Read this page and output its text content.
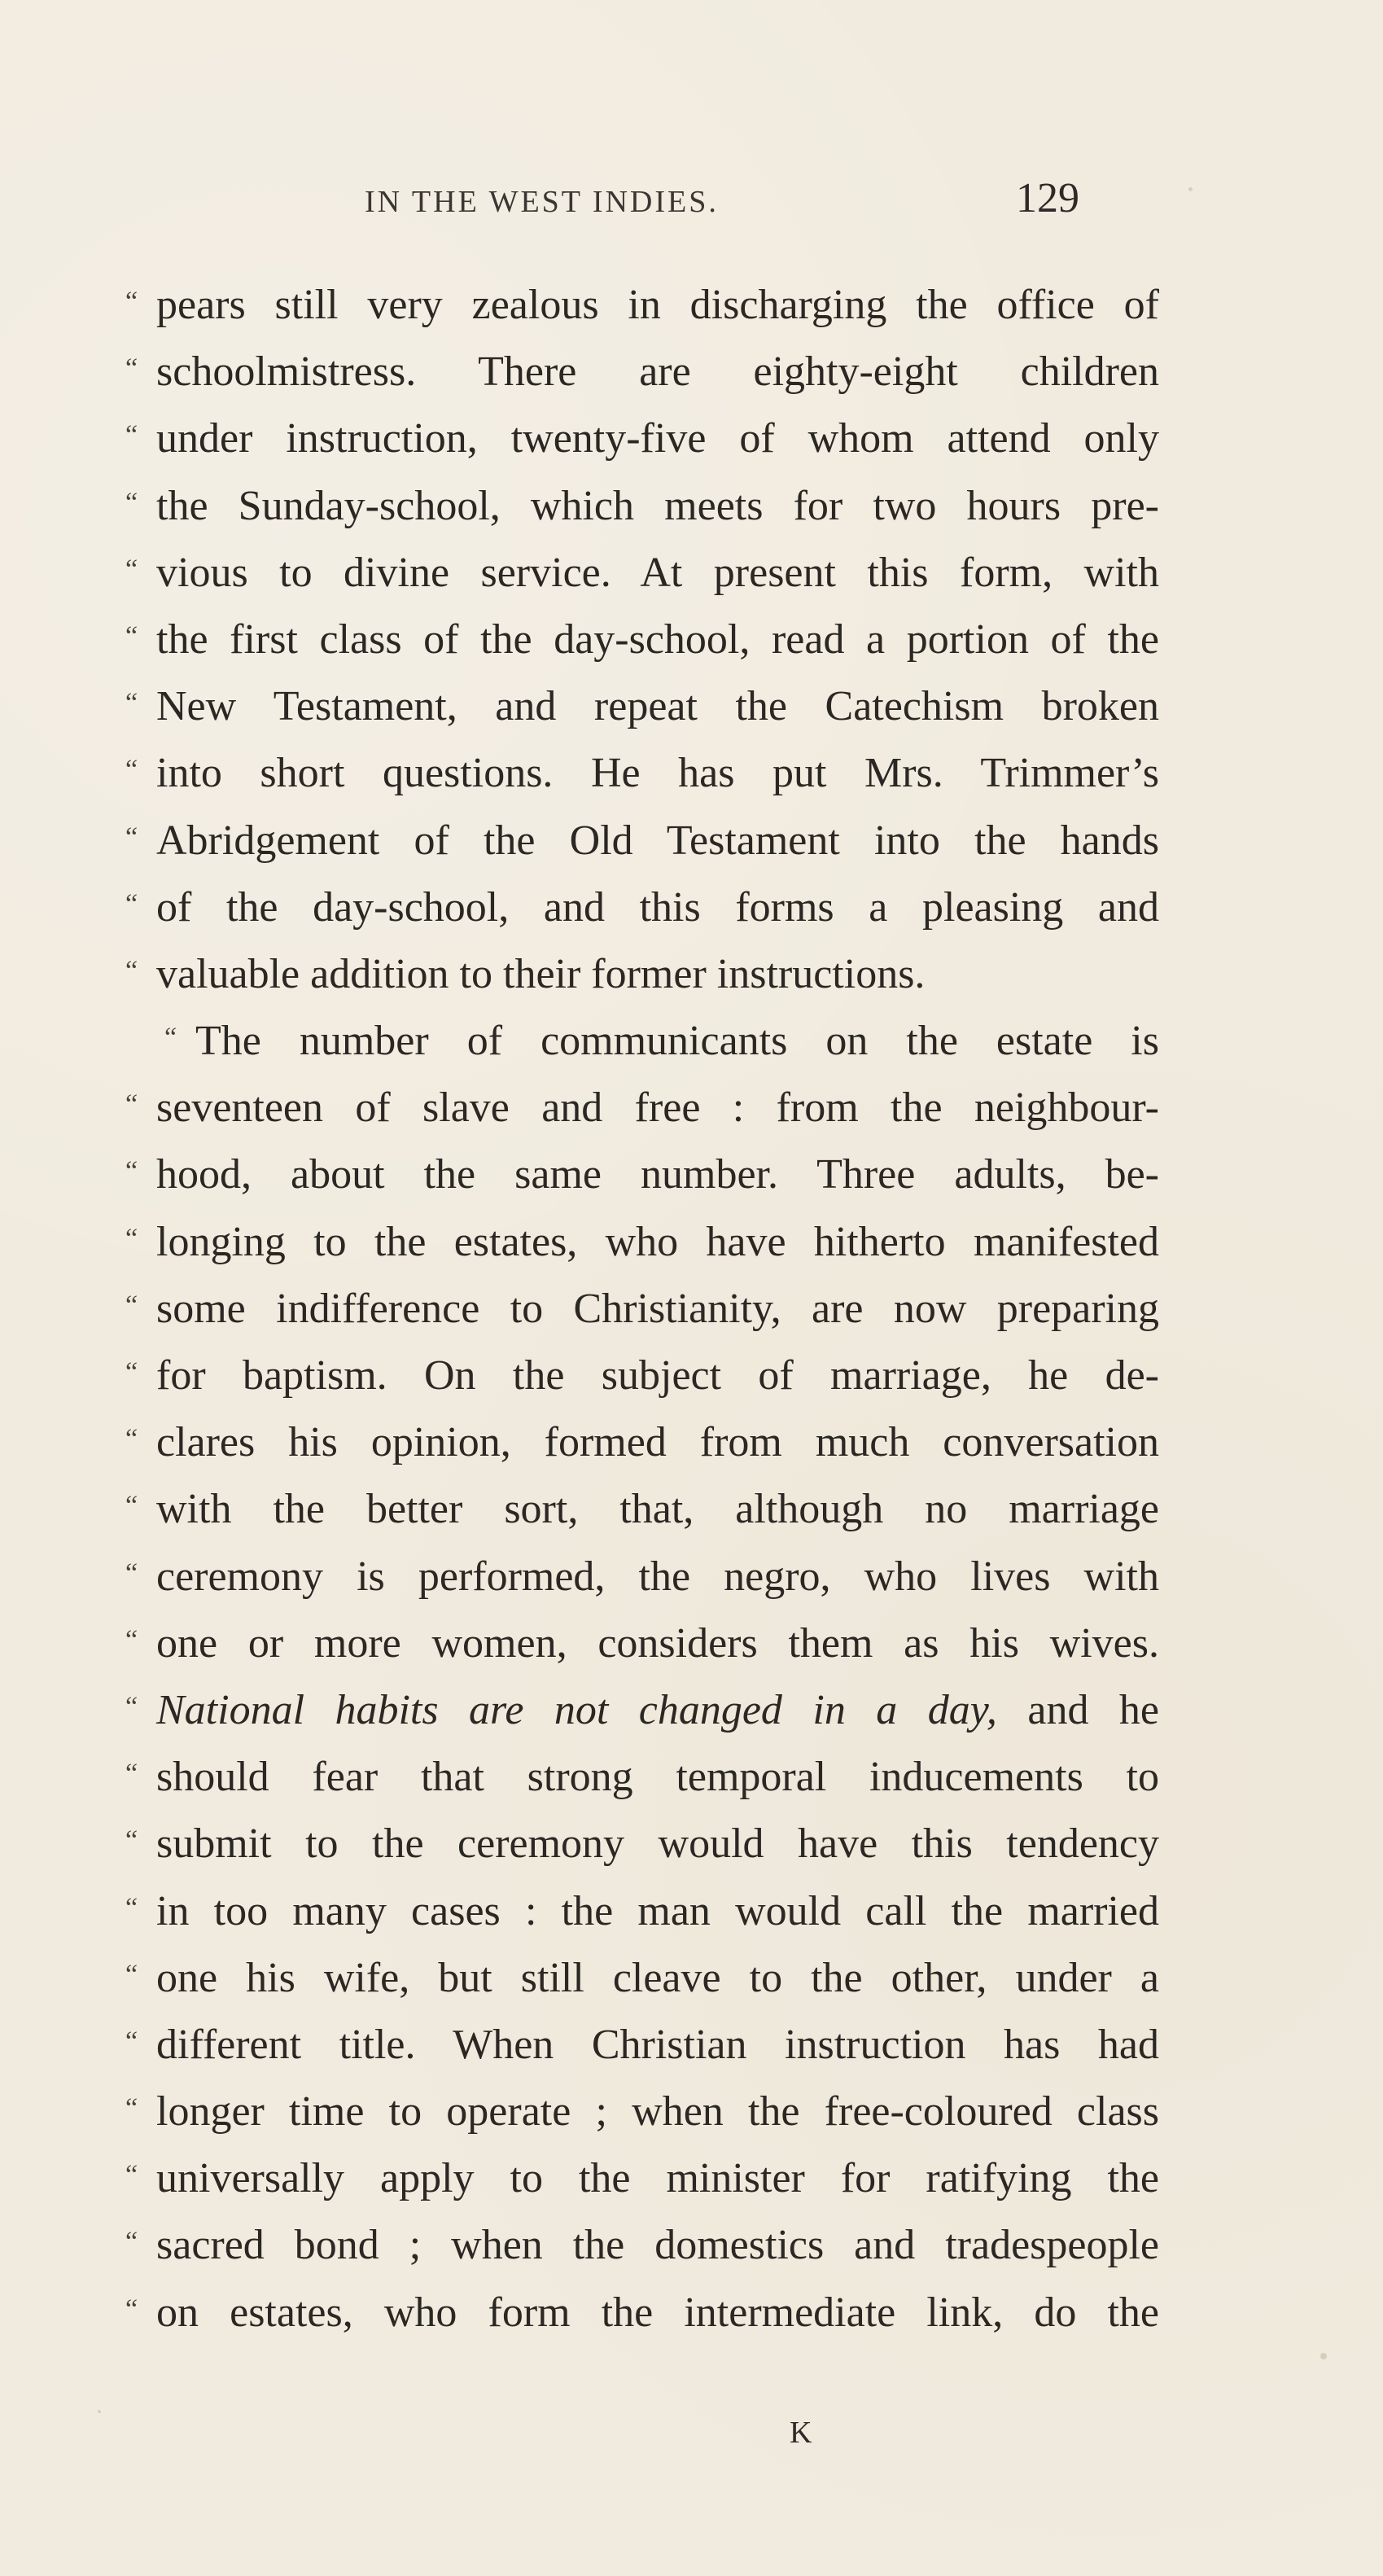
IN THE WEST INDIES.	129
“ pears still very zealous in discharging the office of
“ schoolmistress. There are eighty-eight children
“ under instruction, twenty-five of whom attend only
“ the Sunday-school, which meets for two hours pre-
“ vious to divine service. At present this form, with
“ the first class of the day-school, read a portion of the
“ New Testament, and repeat the Catechism broken
“ into short questions. He has put Mrs. Trimmer’s
“ Abridgement of the Old Testament into the hands
“ of the day-school, and this forms a pleasing and
“ valuable addition to their former instructions.
“ The number of communicants on the estate is
“ seventeen of slave and free : from the neighbour-
“ hood, about the same number. Three adults, be-
“ longing to the estates, who have hitherto manifested
“ some indifference to Christianity, are now preparing
“ for baptism. On the subject of marriage, he de-
“ clares his opinion, formed from much conversation
“ with the better sort, that, although no marriage
“ ceremony is performed, the negro, who lives with
“ one or more women, considers them as his wives.
“ National habits are not changed in a day, and he
“ should fear that strong temporal inducements to
“ submit to the ceremony would have this tendency
“ in too many cases : the man would call the married
“ one his wife, but still cleave to the other, under a
“ different title. When Christian instruction has had
“ longer time to operate ; when the free-coloured class
“ universally apply to the minister for ratifying the
“ sacred bond ; when the domestics and tradespeople
“ on estates, who form the intermediate link, do the
K
